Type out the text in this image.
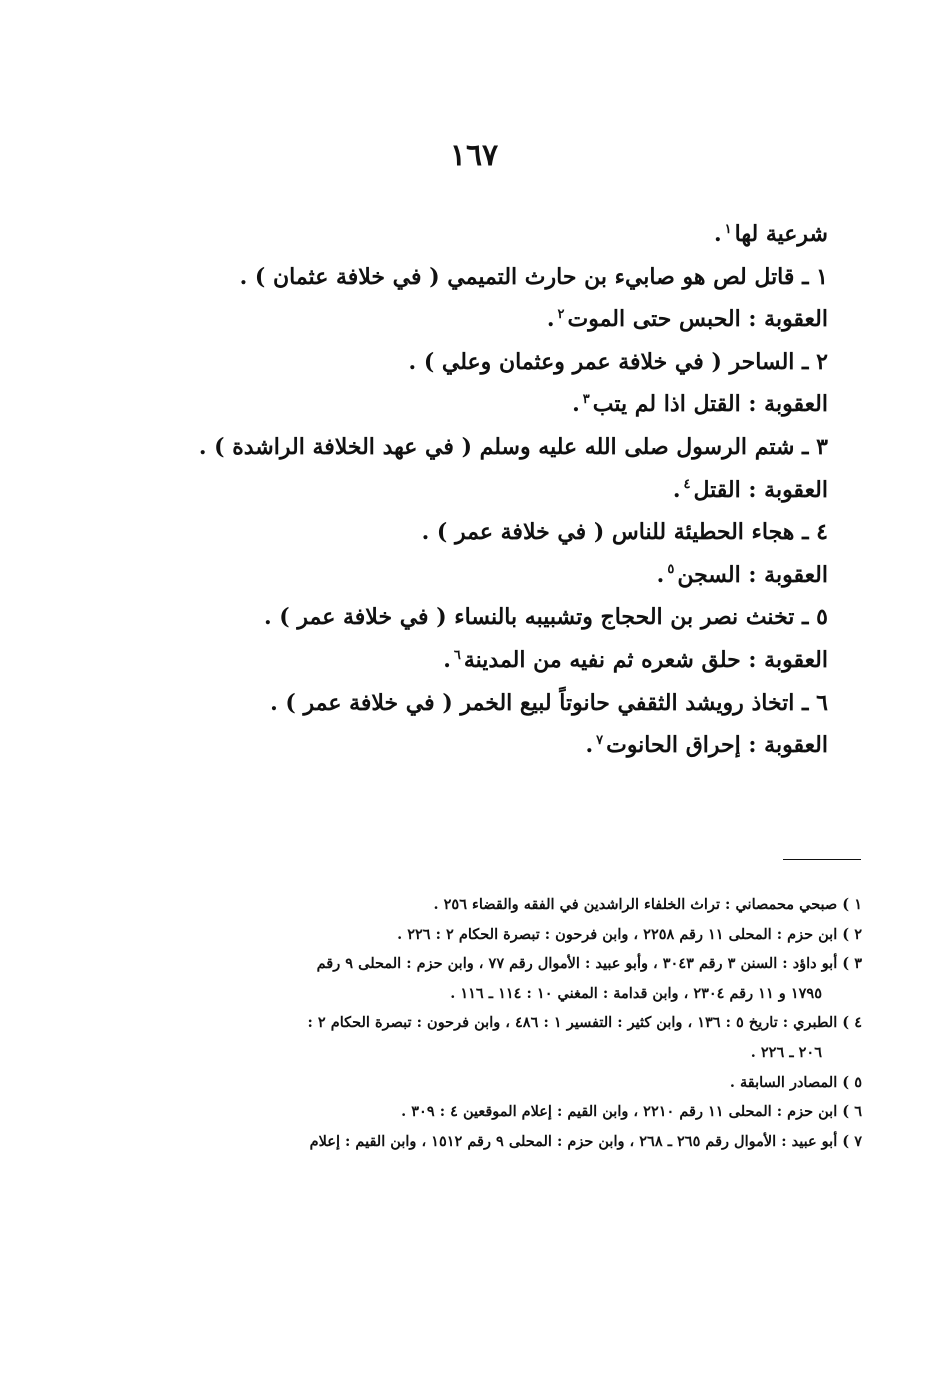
١٦٧
شرعية لها$^١$.
١ ـ قاتل لص هو صابيء بن حارث التميمي ( في خلافة عثمان ) .
العقوبة : الحبس حتى الموت$^٢$.
٢ ـ الساحر ( في خلافة عمر وعثمان وعلي ) .
العقوبة : القتل اذا لم يتب$^٣$.
٣ ـ شتم الرسول صلى الله عليه وسلم ( في عهد الخلافة الراشدة ) .
العقوبة : القتل$^٤$.
٤ ـ هجاء الحطيئة للناس ( في خلافة عمر ) .
العقوبة : السجن$^٥$.
٥ ـ تخنث نصر بن الحجاج وتشبيبه بالنساء ( في خلافة عمر ) .
العقوبة : حلق شعره ثم نفيه من المدينة$^٦$.
٦ ـ اتخاذ رويشد الثقفي حانوتاً لبيع الخمر ( في خلافة عمر ) .
العقوبة : إحراق الحانوت$^٧$.
١ ) صبحي محمصاني : تراث الخلفاء الراشدين في الفقه والقضاء ٢٥٦ .
٢ ) ابن حزم : المحلى ١١ رقم ٢٢٥٨ ، وابن فرحون : تبصرة الحكام ٢ : ٢٢٦ .
٣ ) أبو داؤد : السنن ٣ رقم ٣٠٤٣ ، وأبو عبيد : الأموال رقم ٧٧ ، وابن حزم : المحلى ٩ رقم
١٧٩٥ و ١١ رقم ٢٣٠٤ ، وابن قدامة : المغني ١٠ : ١١٤ ـ ١١٦ .
٤ ) الطبري : تاريخ ٥ : ١٣٦ ، وابن كثير : التفسير ١ : ٤٨٦ ، وابن فرحون : تبصرة الحكام ٢ :
٢٠٦ ـ ٢٢٦ .
٥ ) المصادر السابقة .
٦ ) ابن حزم : المحلى ١١ رقم ٢٢١٠ ، وابن القيم : إعلام الموقعين ٤ : ٣٠٩ .
٧ ) أبو عبيد : الأموال رقم ٢٦٥ ـ ٢٦٨ ، وابن حزم : المحلى ٩ رقم ١٥١٢ ، وابن القيم : إعلام
